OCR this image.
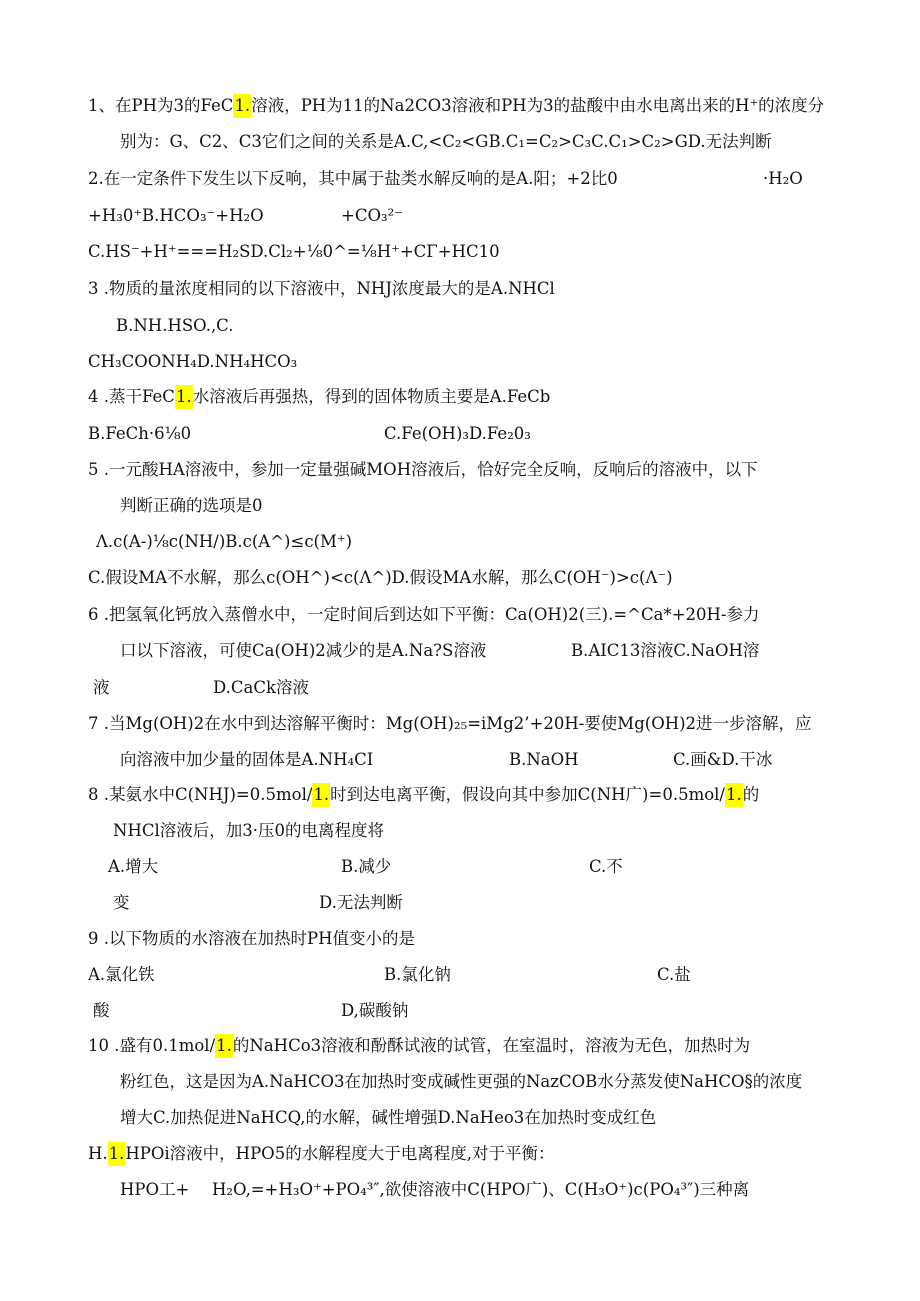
1、在PH为3的FeC1.溶液，PH为11的Na2CO3溶液和PH为3的盐酸中由水电离出来的H⁺的浓度分
别为：G、C2、C3它们之间的关系是A.C,<C₂<GB.C₁=C₂>C₃C.C₁>C₂>GD.无法判断
2.在一定条件下发生以下反响，其中属于盐类水解反响的是A.阳；+2比0	·H₂O
+H₃0⁺B.HCO₃⁻+H₂O	+CO₃²⁻
C.HS⁻+H⁺===H₂SD.Cl₂+⅛0^=⅛H⁺+CΓ+HC10
3 .物质的量浓度相同的以下溶液中，NHJ浓度最大的是A.NHCl
B.NH.HSO.,C.
CH₃COONH₄D.NH₄HCO₃
4 .蒸干FeC1.水溶液后再强热，得到的固体物质主要是A.FeCb
B.FeCh·6⅛0	C.Fe(OH)₃D.Fe₂0₃
5 .一元酸HA溶液中，参加一定量强碱MOH溶液后，恰好完全反响，反响后的溶液中，以下
判断正确的选项是0
Λ.c(A-)⅛c(NH/)B.c(A^)≤c(M⁺)
C.假设MA不水解，那么c(OH^)<c(Λ^)D.假设MA水解，那么C(OH⁻)>c(Λ⁻)
6 .把氢氧化钙放入蒸僧水中，一定时间后到达如下平衡：Ca(OH)2(三).=^Ca*+20H-参力
口以下溶液，可使Ca(OH)2减少的是A.Na?S溶液	B.AIC13溶液C.NaOH溶
液	D.CaCk溶液
7 .当Mg(OH)2在水中到达溶解平衡时：Mg(OH)₂₅=iMg2’+20H-要使Mg(OH)2进一步溶解，应
向溶液中加少量的固体是A.NH₄CI	B.NaOH	C.画&D.干冰
8 .某氨水中C(NHJ)=0.5mol/1.时到达电离平衡，假设向其中参加C(NH广)=0.5mol/1.的
NHCl溶液后，加3·压0的电离程度将
A.增大	B.减少	C.不
变	D.无法判断
9 .以下物质的水溶液在加热时PH值变小的是
A.氯化铁	B.氯化钠	C.盐
酸	D,碳酸钠
10 .盛有0.1mol/1.的NaHCo3溶液和酚酥试液的试管，在室温时，溶液为无色，加热时为
粉红色，这是因为A.NaHCO3在加热时变成碱性更强的NazCOB水分蒸发使NaHCO§的浓度
增大C.加热促进NaHCQ,的水解，碱性增强D.NaHeo3在加热时变成红色
H.1.HPOi溶液中，HPO5的水解程度大于电离程度,对于平衡：
HPO工+ H₂O,=+H₃O⁺+PO₄³″,欲使溶液中C(HPO广)、C(H₃O⁺)c(PO₄³″)三种离
